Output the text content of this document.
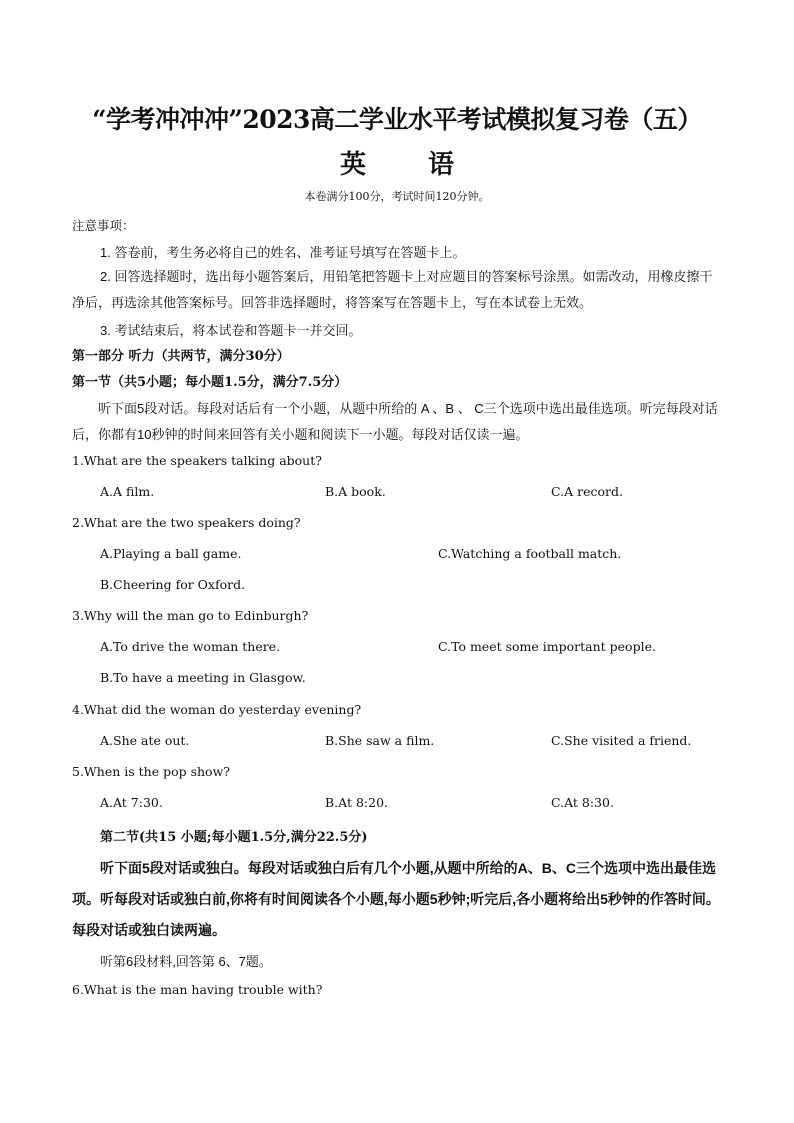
“学考冲冲冲”2023高二学业水平考试模拟复习卷（五）
英　语
本卷满分100分，考试时间120分钟。
注意事项：
1. 答卷前，考生务必将自己的姓名、准考证号填写在答题卡上。
2. 回答选择题时，选出每小题答案后，用铅笔把答题卡上对应题目的答案标号涂黑。如需改动，用橡皮擦干净后，再选涂其他答案标号。回答非选择题时，将答案写在答题卡上，写在本试卷上无效。
3. 考试结束后，将本试卷和答题卡一并交回。
第一部分 听力（共两节，满分30分）
第一节（共5小题；每小题1.5分，满分7.5分）
听下面5段对话。每段对话后有一个小题，从题中所给的 A 、B 、 C三个选项中选出最佳选项。听完每段对话后，你都有10秒钟的时间来回答有关小题和阅读下一小题。每段对话仅读一遍。
1.What are the speakers talking about?
A.A film.	B.A book.	C.A record.
2.What are the two speakers doing?
A.Playing a ball game.	C.Watching a football match.
B.Cheering for Oxford.
3.Why will the man go to Edinburgh?
A.To drive the woman there.	C.To meet some important people.
B.To have a meeting in Glasgow.
4.What did the woman do yesterday evening?
A.She ate out.	B.She saw a film.	C.She visited a friend.
5.When is the pop show?
A.At 7:30.	B.At 8:20.	C.At 8:30.
第二节(共15 小题;每小题1.5分,满分22.5分)
听下面5段对话或独白。每段对话或独白后有几个小题,从题中所给的A、B、C三个选项中选出最佳选项。听每段对话或独白前,你将有时间阅读各个小题,每小题5秒钟;听完后,各小题将给出5秒钟的作答时间。每段对话或独白读两遍。
听第6段材料,回答第 6、7题。
6.What is the man having trouble with?
